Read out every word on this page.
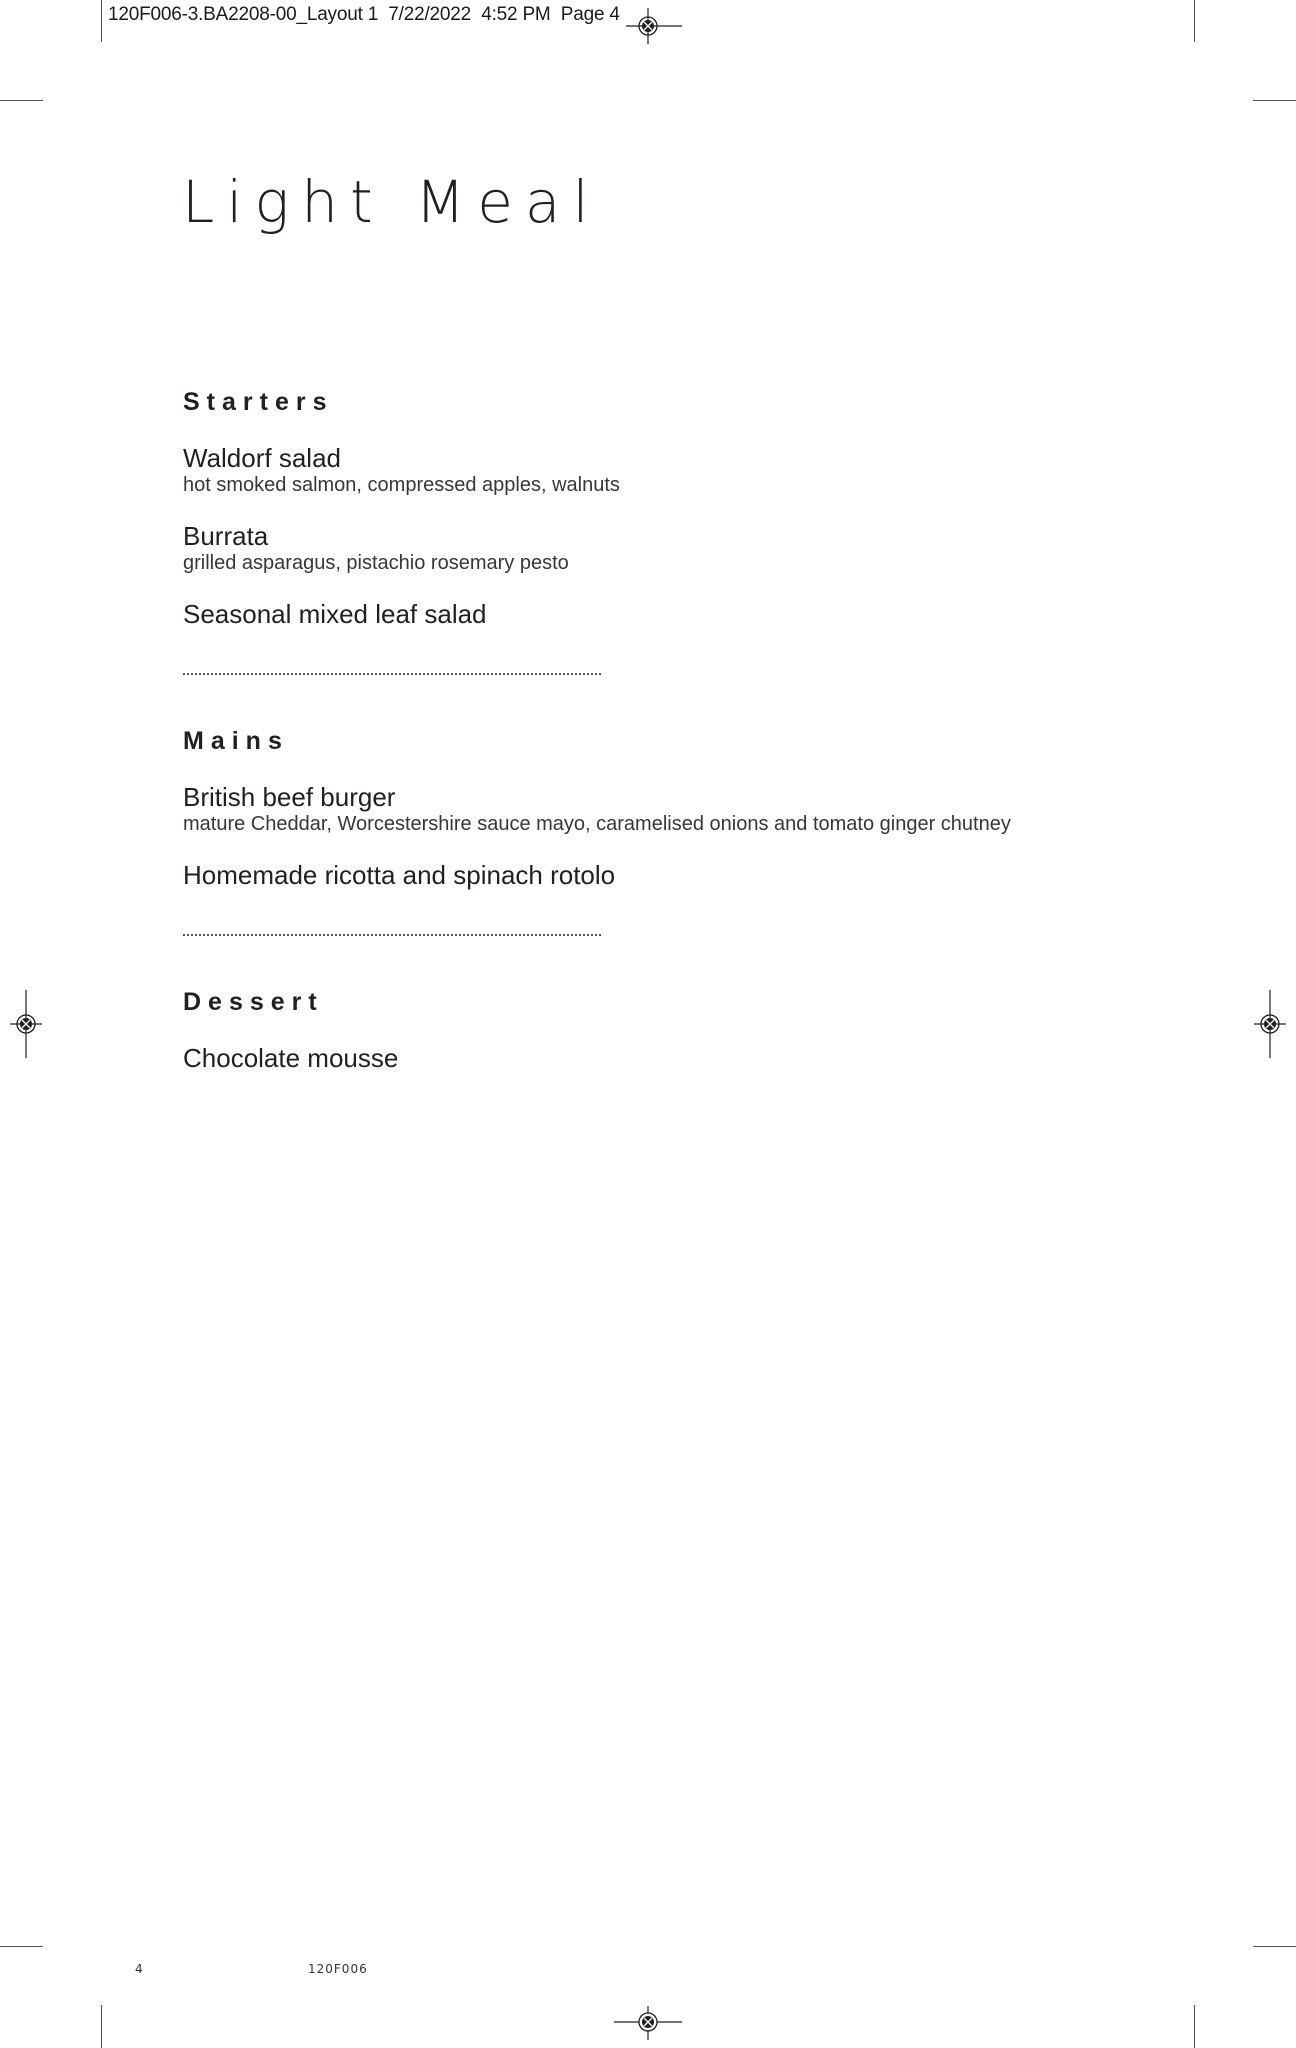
120F006-3.BA2208-00_Layout 1 7/22/2022 4:52 PM Page 4
Light Meal
Starters
Waldorf salad
hot smoked salmon, compressed apples, walnuts
Burrata
grilled asparagus, pistachio rosemary pesto
Seasonal mixed leaf salad
Mains
British beef burger
mature Cheddar, Worcestershire sauce mayo, caramelised onions and tomato ginger chutney
Homemade ricotta and spinach rotolo
Dessert
Chocolate mousse
4	120F006
